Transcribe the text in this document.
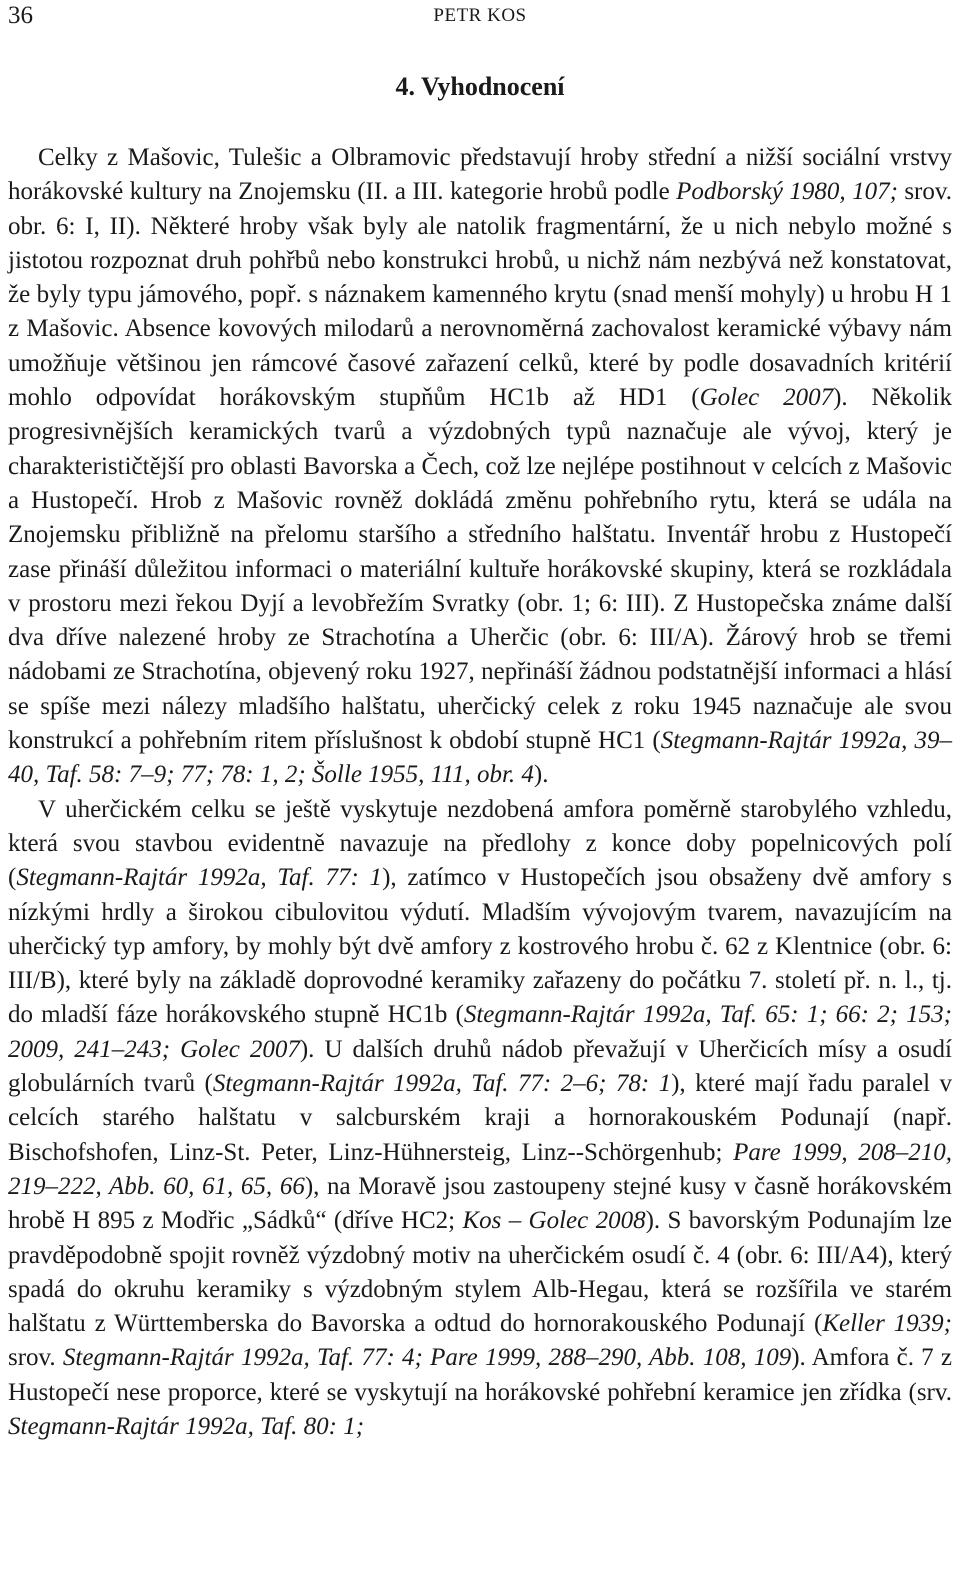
36	PETR KOS
4. Vyhodnocení

Celky z Mašovic, Tulešic a Olbramovic představují hroby střední a nižší sociální vrstvy horákovské kultury na Znojemsku (II. a III. kategorie hrobů podle Podborský 1980, 107; srov. obr. 6: I, II). Některé hroby však byly ale natolik fragmentární, že u nich nebylo možné s jistotou rozpoznat druh pohřbů nebo konstrukci hrobů, u nichž nám nezbývá než konstatovat, že byly typu jámového, popř. s náznakem kamenného krytu (snad menší mohyly) u hrobu H 1 z Mašovic. Absence kovových milodarů a nerovnoměrná zachovalost keramické výbavy nám umožňuje většinou jen rámcové časové zařazení celků, které by podle dosavadních kritérií mohlo odpovídat horákovským stupňům HC1b až HD1 (Golec 2007). Několik progresivnějších keramických tvarů a výzdobných typů naznačuje ale vývoj, který je charakterističtější pro oblasti Bavorska a Čech, což lze nejlépe postihnout v celcích z Mašovic a Hustopečí. Hrob z Mašovic rovněž dokládá změnu pohřebního rytu, která se udála na Znojemsku přibližně na přelomu staršího a středního halštatu. Inventář hrobu z Hustopečí zase přináší důležitou informaci o materiální kultuře horákovské skupiny, která se rozkládala v prostoru mezi řekou Dyjí a levobřežím Svratky (obr. 1; 6: III). Z Hustopečska známe další dva dříve nalezené hroby ze Strachotína a Uherčic (obr. 6: III/A). Žárový hrob se třemi nádobami ze Strachotína, objevený roku 1927, nepřináší žádnou podstatnější informaci a hlásí se spíše mezi nálezy mladšího halštatu, uherčický celek z roku 1945 naznačuje ale svou konstrukcí a pohřebním ritem příslušnost k období stupně HC1 (Stegmann-Rajtár 1992a, 39–40, Taf. 58: 7–9; 77; 78: 1, 2; Šolle 1955, 111, obr. 4).

V uherčickém celku se ještě vyskytuje nezdobená amfora poměrně starobylého vzhledu, která svou stavbou evidentně navazuje na předlohy z konce doby popelnicových polí (Stegmann-Rajtár 1992a, Taf. 77: 1), zatímco v Hustopečích jsou obsaženy dvě amfory s nízkými hrdly a širokou cibulovitou výdutí. Mladším vývojovým tvarem, navazujícím na uherčický typ amfory, by mohly být dvě amfory z kostrového hrobu č. 62 z Klentnice (obr. 6: III/B), které byly na základě doprovodné keramiky zařazeny do počátku 7. století př. n. l., tj. do mladší fáze horákovského stupně HC1b (Stegmann-Rajtár 1992a, Taf. 65: 1; 66: 2; 153; 2009, 241–243; Golec 2007). U dalších druhů nádob převažují v Uherčicích mísy a osudí globulárních tvarů (Stegmann-Rajtár 1992a, Taf. 77: 2–6; 78: 1), které mají řadu paralel v celcích starého halštatu v salcburském kraji a hornorakouském Podunají (např. Bischofshofen, Linz-St. Peter, Linz-Hühnersteig, Linz--Schörgenhub; Pare 1999, 208–210, 219–222, Abb. 60, 61, 65, 66), na Moravě jsou zastoupeny stejné kusy v časně horákovském hrobě H 895 z Modřic „Sádků“ (dříve HC2; Kos – Golec 2008). S bavorským Podunajím lze pravděpodobně spojit rovněž výzdobný motiv na uherčickém osudí č. 4 (obr. 6: III/A4), který spadá do okruhu keramiky s výzdobným stylem Alb-Hegau, která se rozšířila ve starém halštatu z Württemberska do Bavorska a odtud do hornorakouského Podunají (Keller 1939; srov. Stegmann-Rajtár 1992a, Taf. 77: 4; Pare 1999, 288–290, Abb. 108, 109). Amfora č. 7 z Hustopečí nese proporce, které se vyskytují na horákovské pohřební keramice jen zřídka (srv. Stegmann-Rajtár 1992a, Taf. 80: 1;
